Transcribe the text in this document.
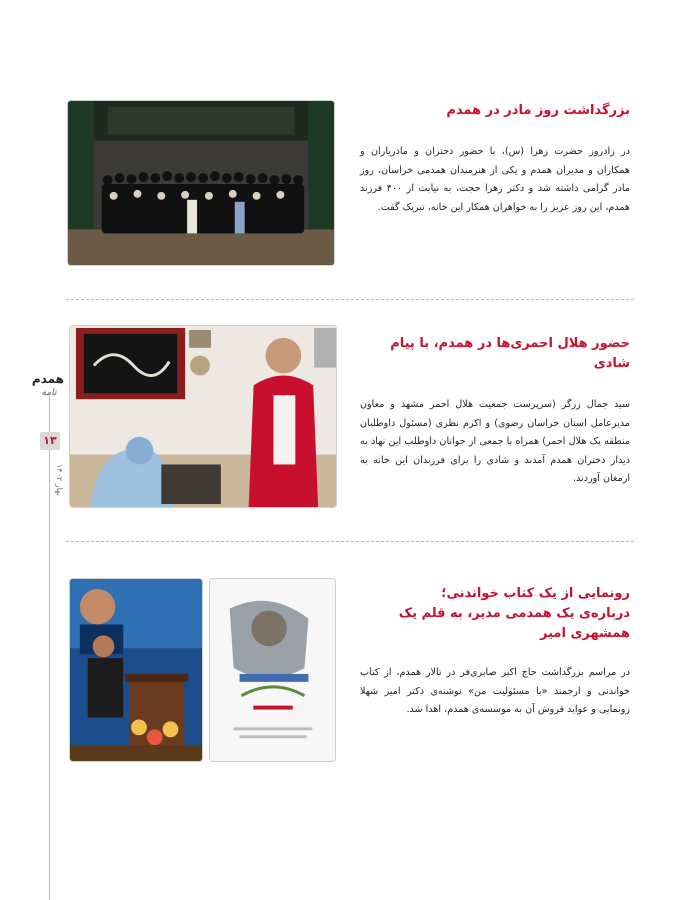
همدم
نامه
۱۳
بهار ۱۴۰۲
بزرگداشت روز مادر در همدم

در زادروز حضرت زهرا (س)، با حضور دختران و مادریاران و همکاران و مدیران همدم و یکی از هنرمندان همدمی خراسان، روز مادر گرامی داشته شد و دکتر زهرا حجت، به نیابت از ۴۰۰ فرزند همدم، این روز عزیز را به خواهران همکار این خانه، تبریک گفت.

حضور هلال احمری‌ها در همدم، با پیام شادی

سید جمال زرگر (سرپرست جمعیت هلال احمر مشهد و معاون مدیرعامل استان خراسان رضوی) و اکرم نظری (مسئول داوطلبان منطقه یک هلال احمر) همراه با جمعی از جوانان داوطلب این نهاد به دیدار دختران همدم آمدند و شادی را برای فرزندان این خانه به ارمغان آوردند.

رونمایی از یک کتاب خواندنی؛
درباره‌ی یک همدمی مدیر، به قلم یک همشهری امیر

در مراسم بزرگداشت حاج اکبر صابری‌فر در تالار همدم، از کتاب خواندنی و ارجمند «با مسئولیت من» نوشته‌ی دکتر امیر شهلا رونمایی و عواید فروش آن به موسسه‌ی همدم، اهدا شد.
